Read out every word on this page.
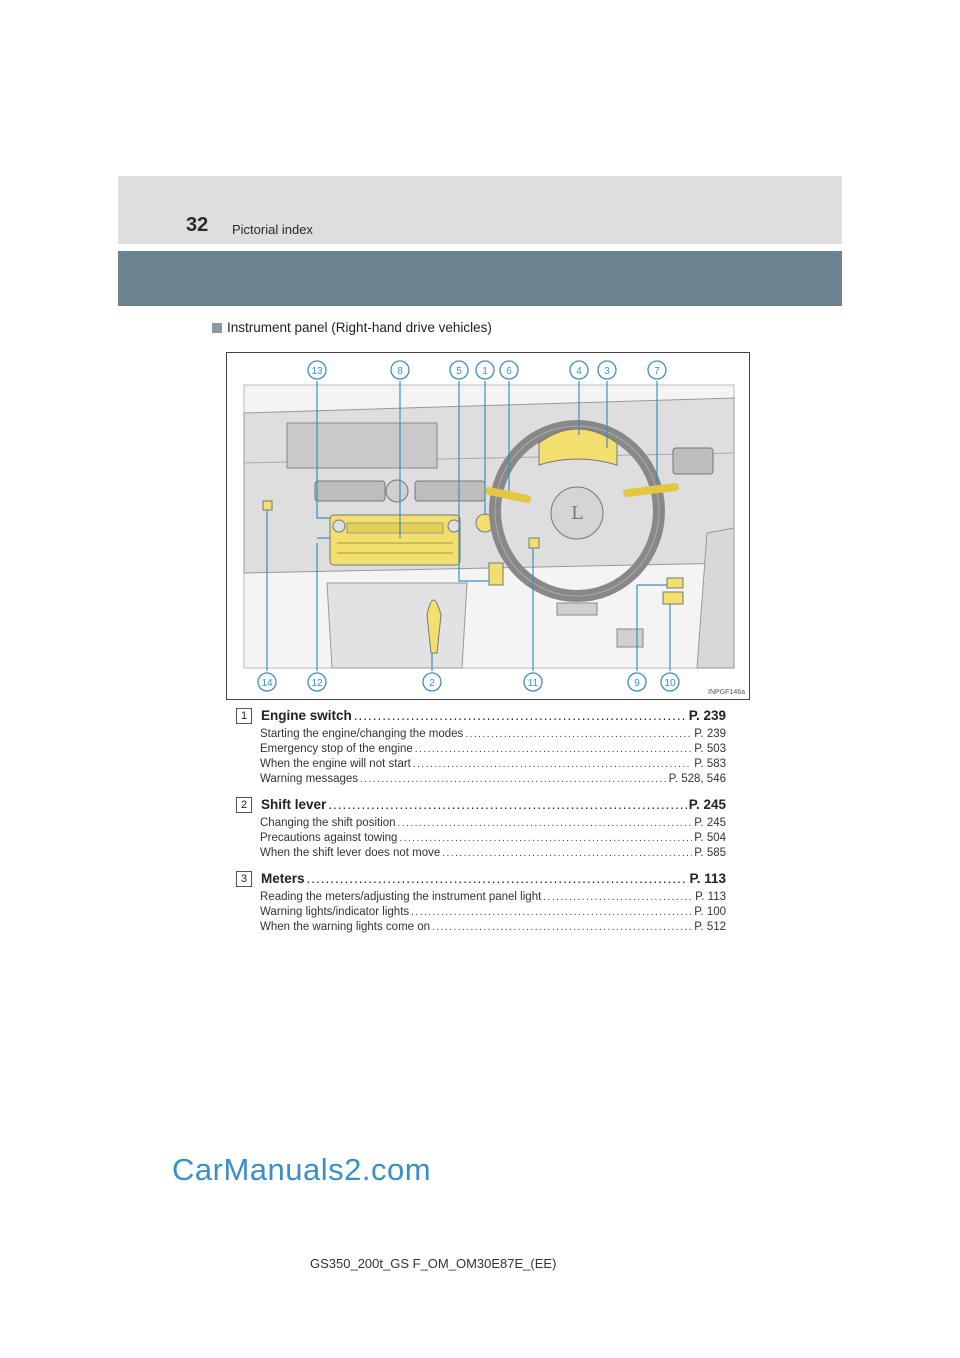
32 Pictorial index
Instrument panel (Right-hand drive vehicles)
L
13	8	5 1 6	4 3	7
14	12	2	11	9 10
INPGF146a
1	Engine switch .....	P. 239
Starting the engine/changing the modes .....	P. 239
Emergency stop of the engine .....	P. 503
When the engine will not start .....	P. 583
Warning messages .....	P. 528, 546
2	Shift lever .....	P. 245
Changing the shift position .....	P. 245
Precautions against towing .....	P. 504
When the shift lever does not move .....	P. 585
3	Meters .....	P. 113
Reading the meters/adjusting the instrument panel light .....	P. 113
Warning lights/indicator lights .....	P. 100
When the warning lights come on .....	P. 512
CarManuals2.com
GS350_200t_GS F_OM_OM30E87E_(EE)
